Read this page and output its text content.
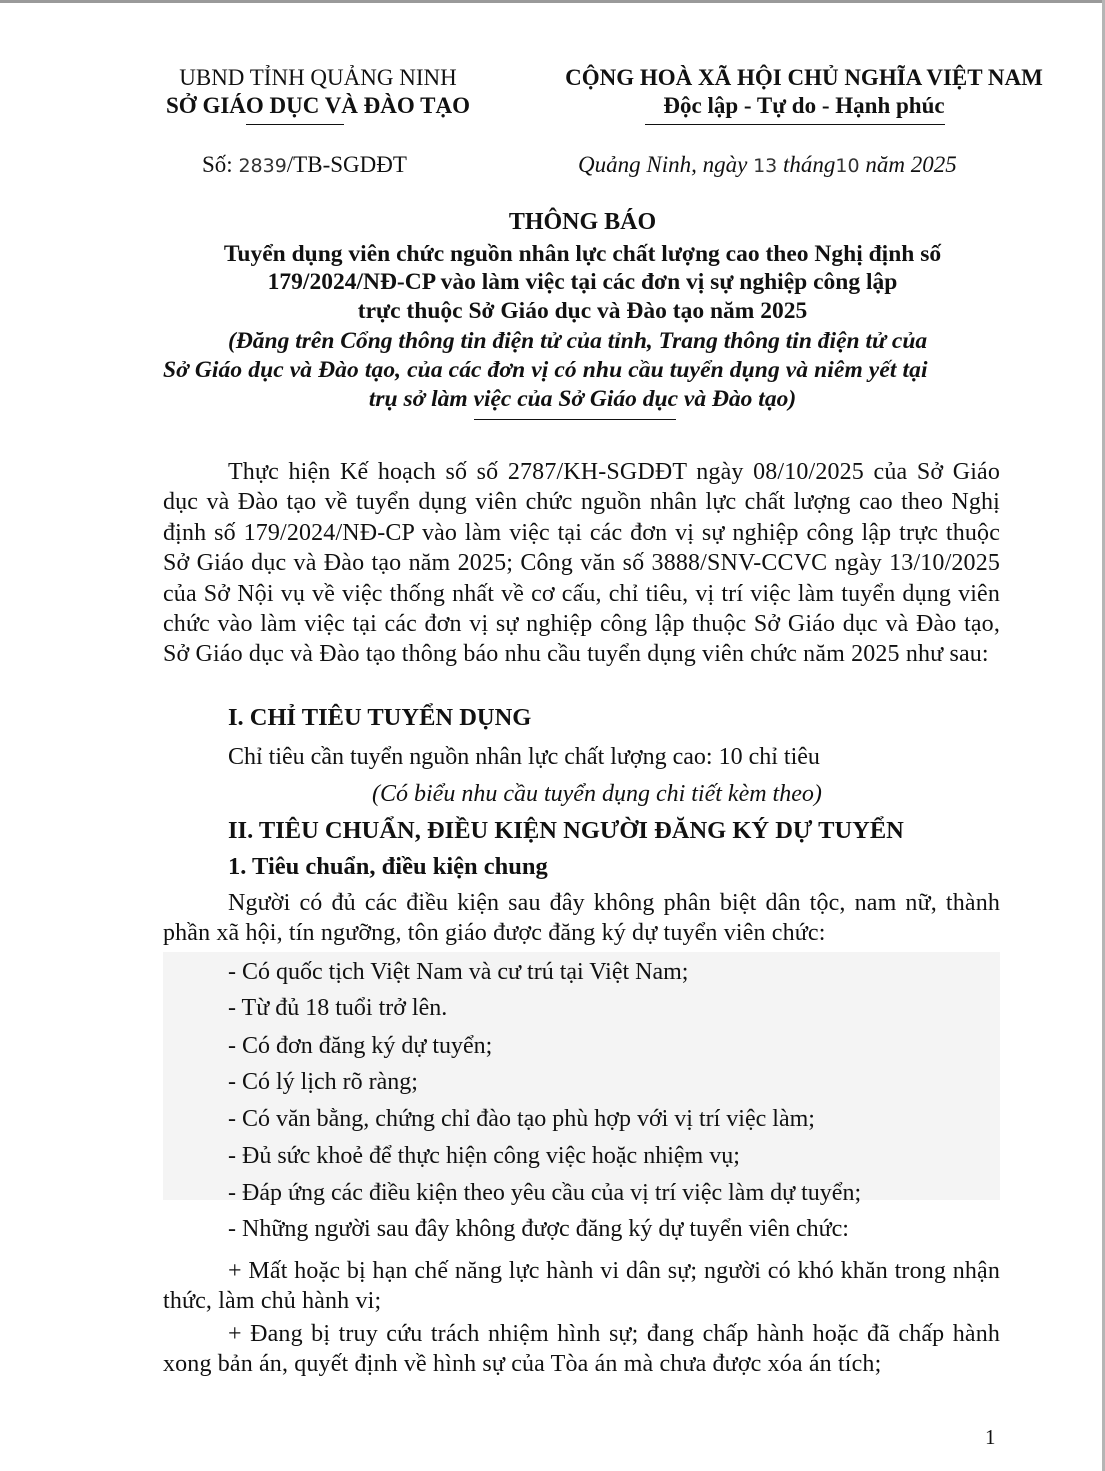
UBND TỈNH QUẢNG NINH
SỞ GIÁO DỤC VÀ ĐÀO TẠO
CỘNG HOÀ XÃ HỘI CHỦ NGHĨA VIỆT NAM
Độc lập - Tự do - Hạnh phúc
Số: 2839/TB-SGDĐT	Quảng Ninh, ngày 13 tháng10 năm 2025
THÔNG BÁO
Tuyển dụng viên chức nguồn nhân lực chất lượng cao theo Nghị định số
179/2024/NĐ-CP vào làm việc tại các đơn vị sự nghiệp công lập
trực thuộc Sở Giáo dục và Đào tạo năm 2025
(Đăng trên Cổng thông tin điện tử của tỉnh, Trang thông tin điện tử của
Sở Giáo dục và Đào tạo, của các đơn vị có nhu cầu tuyển dụng và niêm yết tại
trụ sở làm việc của Sở Giáo dục và Đào tạo)
Thực hiện Kế hoạch số số 2787/KH-SGDĐT ngày 08/10/2025 của Sở Giáo dục và Đào tạo về tuyển dụng viên chức nguồn nhân lực chất lượng cao theo Nghị định số 179/2024/NĐ-CP vào làm việc tại các đơn vị sự nghiệp công lập trực thuộc Sở Giáo dục và Đào tạo năm 2025; Công văn số 3888/SNV-CCVC ngày 13/10/2025 của Sở Nội vụ về việc thống nhất về cơ cấu, chỉ tiêu, vị trí việc làm tuyển dụng viên chức vào làm việc tại các đơn vị sự nghiệp công lập thuộc Sở Giáo dục và Đào tạo, Sở Giáo dục và Đào tạo thông báo nhu cầu tuyển dụng viên chức năm 2025 như sau:
I. CHỈ TIÊU TUYỂN DỤNG
Chỉ tiêu cần tuyển nguồn nhân lực chất lượng cao: 10 chỉ tiêu
(Có biểu nhu cầu tuyển dụng chi tiết kèm theo)
II. TIÊU CHUẨN, ĐIỀU KIỆN NGƯỜI ĐĂNG KÝ DỰ TUYỂN
1. Tiêu chuẩn, điều kiện chung
Người có đủ các điều kiện sau đây không phân biệt dân tộc, nam nữ, thành phần xã hội, tín ngưỡng, tôn giáo được đăng ký dự tuyển viên chức:
- Có quốc tịch Việt Nam và cư trú tại Việt Nam;
- Từ đủ 18 tuổi trở lên.
- Có đơn đăng ký dự tuyển;
- Có lý lịch rõ ràng;
- Có văn bằng, chứng chỉ đào tạo phù hợp với vị trí việc làm;
- Đủ sức khoẻ để thực hiện công việc hoặc nhiệm vụ;
- Đáp ứng các điều kiện theo yêu cầu của vị trí việc làm dự tuyển;
- Những người sau đây không được đăng ký dự tuyển viên chức:
+ Mất hoặc bị hạn chế năng lực hành vi dân sự; người có khó khăn trong nhận thức, làm chủ hành vi;
+ Đang bị truy cứu trách nhiệm hình sự; đang chấp hành hoặc đã chấp hành xong bản án, quyết định về hình sự của Tòa án mà chưa được xóa án tích;
1
